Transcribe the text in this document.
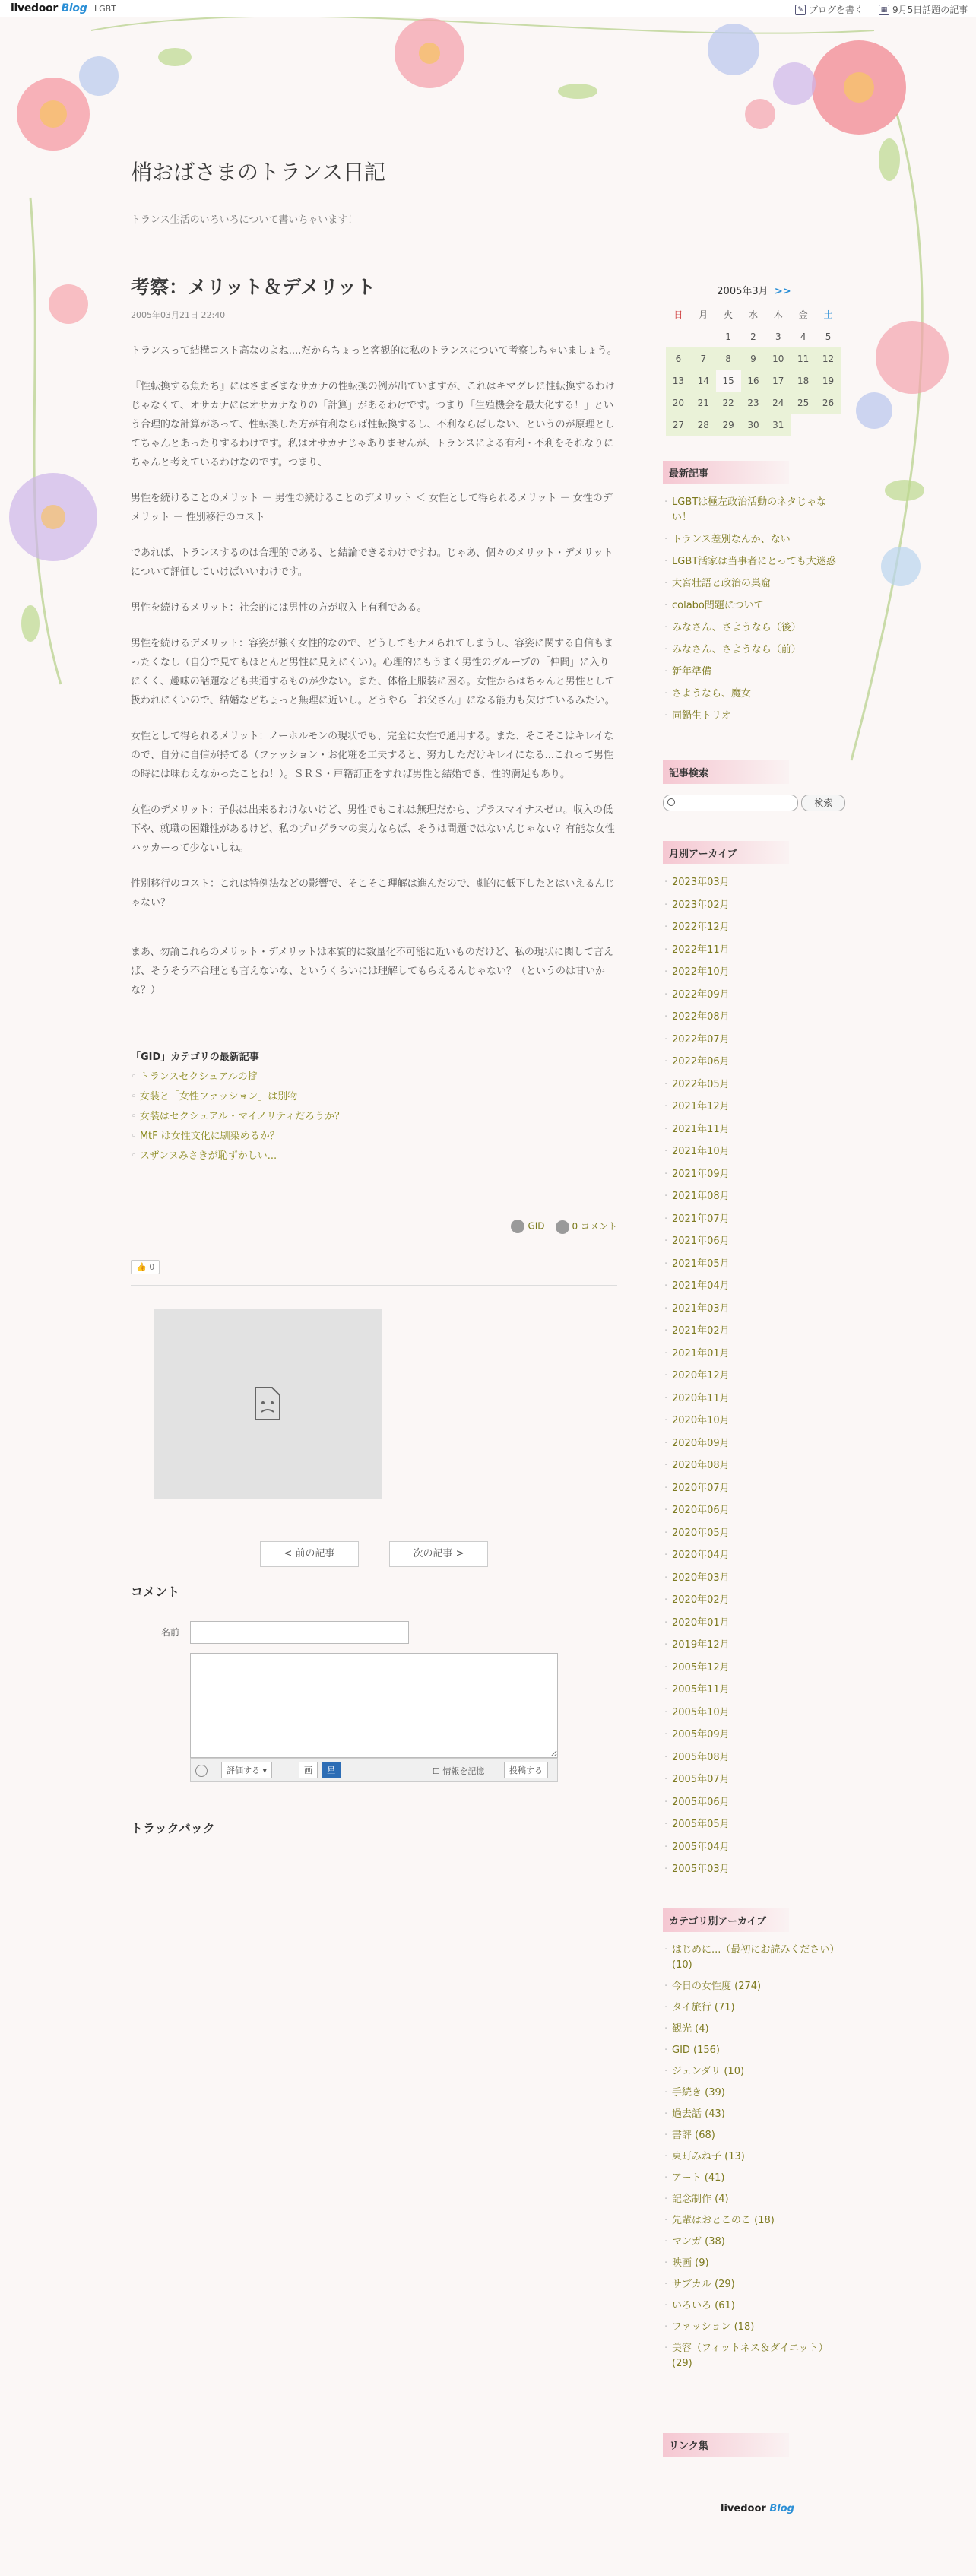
livedoor Blog LGBT	✎ ブログを書く	▦ 9月5日話題の記事
梢おばさまのトランス日記
トランス生活のいろいろについて書いちゃいます！
考察：メリット＆デメリット
2005年03月21日 22:40

トランスって結構コスト高なのよね....だからちょっと客観的に私のトランスについて考察しちゃいましょう。

『性転換する魚たち』にはさまざまなサカナの性転換の例が出ていますが、これはキマグレに性転換するわけじゃなくて、オサカナにはオサカナなりの「計算」があるわけです。つまり「生殖機会を最大化する！」という合理的な計算があって、性転換した方が有利ならば性転換するし、不利ならばしない、というのが原理としてちゃんとあったりするわけです。私はオサカナじゃありませんが、トランスによる有利・不利をそれなりにちゃんと考えているわけなのです。つまり、

男性を続けることのメリット － 男性の続けることのデメリット ＜ 女性として得られるメリット － 女性のデメリット － 性別移行のコスト

であれば、トランスするのは合理的である、と結論できるわけですね。じゃあ、個々のメリット・デメリットについて評価していけばいいわけです。

男性を続けるメリット：社会的には男性の方が収入上有利である。

男性を続けるデメリット：容姿が強く女性的なので、どうしてもナメられてしまうし、容姿に関する自信もまったくなし（自分で見てもほとんど男性に見えにくい）。心理的にもうまく男性のグループの「仲間」に入りにくく、趣味の話題なども共通するものが少ない。また、体格上服装に困る。女性からはちゃんと男性として扱われにくいので、結婚などちょっと無理に近いし。どうやら「お父さん」になる能力も欠けているみたい。

女性として得られるメリット：ノーホルモンの現状でも、完全に女性で通用する。また、そこそこはキレイなので、自分に自信が持てる（ファッション・お化粧を工夫すると、努力しただけキレイになる...これって男性の時には味わえなかったことね！）。ＳＲＳ・戸籍訂正をすれば男性と結婚でき、性的満足もあり。

女性のデメリット：子供は出来るわけないけど、男性でもこれは無理だから、プラスマイナスゼロ。収入の低下や、就職の困難性があるけど、私のプログラマの実力ならば、そうは問題ではないんじゃない？有能な女性ハッカーって少ないしね。

性別移行のコスト：これは特例法などの影響で、そこそこ理解は進んだので、劇的に低下したとはいえるんじゃない？

まあ、勿論これらのメリット・デメリットは本質的に数量化不可能に近いものだけど、私の現状に関して言えば、そうそう不合理とも言えないな、というくらいには理解してもらえるんじゃない？（というのは甘いかな？）

「GID」カテゴリの最新記事
◦ トランスセクシュアルの掟
◦ 女装と「女性ファッション」は別物
◦ 女装はセクシュアル・マイノリティだろうか？
◦ MtF は女性文化に馴染めるか？
◦ スザンヌみさきが恥ずかしい...
GID	0 コメント
👍 0
< 前の記事	次の記事 >
コメント
名前
評価する ▾	画	星	☐ 情報を記憶	投稿する
トラックバック
2005年3月 >>
日	月	火	水	木	金	土
		1	2	3	4	5
6	7	8	9	10	11	12
13	14	15	16	17	18	19
20	21	22	23	24	25	26
27	28	29	30	31		
最新記事
· LGBTは極左政治活動のネタじゃない！
· トランス差別なんか、ない
· LGBT活家は当事者にとっても大迷惑
· 大宮壮語と政治の巣窟
· colabo問題について
· みなさん、さようなら（後）
· みなさん、さようなら（前）
· 新年準備
· さようなら、魔女
· 同鍋生トリオ
記事検索
検索
月別アーカイブ
· 2023年03月
· 2023年02月
· 2022年12月
· 2022年11月
· 2022年10月
· 2022年09月
· 2022年08月
· 2022年07月
· 2022年06月
· 2022年05月
· 2021年12月
· 2021年11月
· 2021年10月
· 2021年09月
· 2021年08月
· 2021年07月
· 2021年06月
· 2021年05月
· 2021年04月
· 2021年03月
· 2021年02月
· 2021年01月
· 2020年12月
· 2020年11月
· 2020年10月
· 2020年09月
· 2020年08月
· 2020年07月
· 2020年06月
· 2020年05月
· 2020年04月
· 2020年03月
· 2020年02月
· 2020年01月
· 2019年12月
· 2005年12月
· 2005年11月
· 2005年10月
· 2005年09月
· 2005年08月
· 2005年07月
· 2005年06月
· 2005年05月
· 2005年04月
· 2005年03月
カテゴリ別アーカイブ
· はじめに...（最初にお読みください）(10)
· 今日の女性度 (274)
· タイ旅行 (71)
· 観光 (4)
· GID (156)
· ジェンダリ (10)
· 手続き (39)
· 過去話 (43)
· 書評 (68)
· 東町みね子 (13)
· アート (41)
· 記念制作 (4)
· 先輩はおとこのこ (18)
· マンガ (38)
· 映画 (9)
· サブカル (29)
· いろいろ (61)
· ファッション (18)
· 美容（フィットネス＆ダイエット）(29)
リンク集
livedoor Blog
